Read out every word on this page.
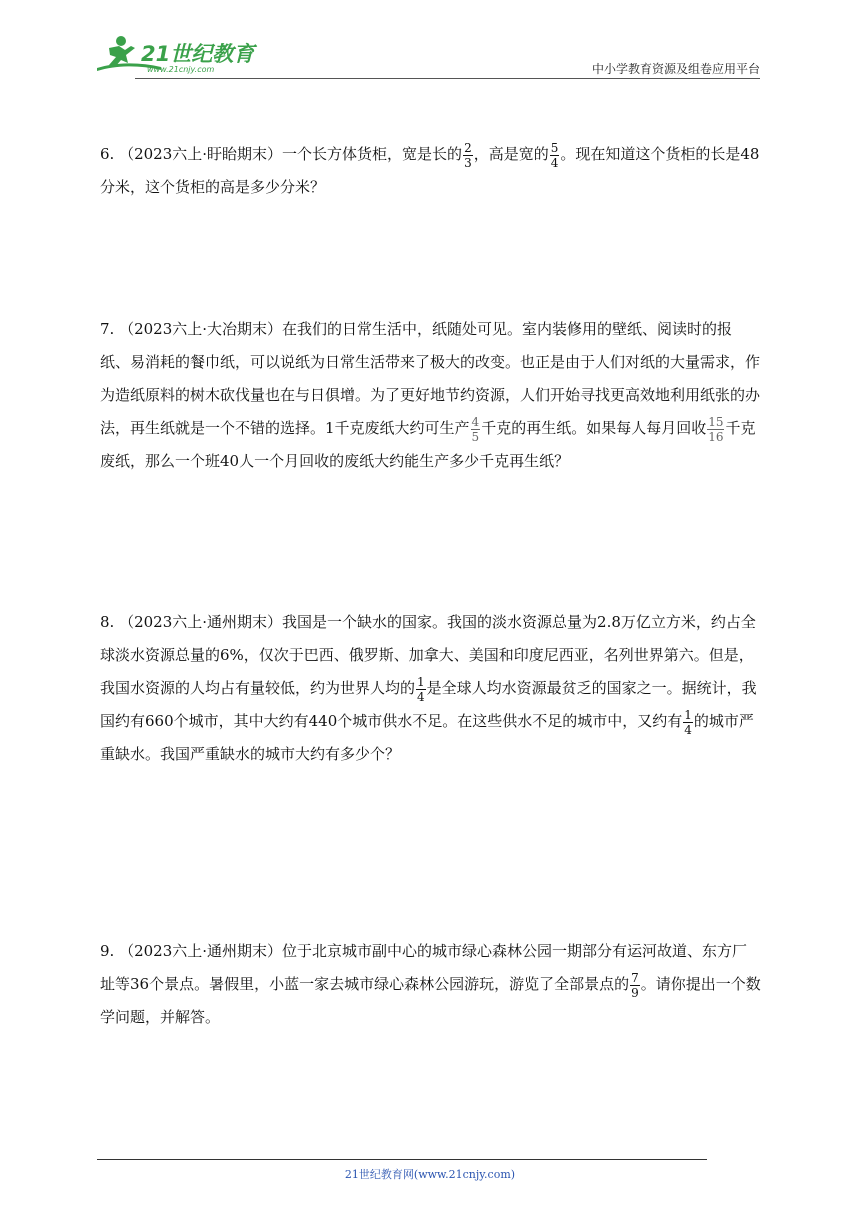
21世纪教育
www.21cnjy.com	中小学教育资源及组卷应用平台
6. （2023六上·盱眙期末）一个长方体货柜，宽是长的 $\frac{2}{3}$ ，高是宽的 $\frac{5}{4}$ 。现在知道这个货柜的长是48分米，这个货柜的高是多少分米？
7. （2023六上·大冶期末）在我们的日常生活中，纸随处可见。室内装修用的壁纸、阅读时的报纸、易消耗的餐巾纸，可以说纸为日常生活带来了极大的改变。也正是由于人们对纸的大量需求，作为造纸原料的树木砍伐量也在与日俱增。为了更好地节约资源，人们开始寻找更高效地利用纸张的办法，再生纸就是一个不错的选择。1千克废纸大约可生产 $\frac{4}{5}$ 千克的再生纸。如果每人每月回收 $\frac{15}{16}$ 千克废纸，那么一个班40人一个月回收的废纸大约能生产多少千克再生纸？
8. （2023六上·通州期末）我国是一个缺水的国家。我国的淡水资源总量为2.8万亿立方米，约占全球淡水资源总量的6%，仅次于巴西、俄罗斯、加拿大、美国和印度尼西亚，名列世界第六。但是，我国水资源的人均占有量较低，约为世界人均的 $\frac{1}{4}$ 是全球人均水资源最贫乏的国家之一。据统计，我国约有660个城市，其中大约有440个城市供水不足。在这些供水不足的城市中，又约有 $\frac{1}{4}$ 的城市严重缺水。我国严重缺水的城市大约有多少个？
9. （2023六上·通州期末）位于北京城市副中心的城市绿心森林公园一期部分有运河故道、东方厂址等36个景点。暑假里，小蓝一家去城市绿心森林公园游玩，游览了全部景点的 $\frac{7}{9}$ 。请你提出一个数学问题，并解答。
21世纪教育网(www.21cnjy.com)
